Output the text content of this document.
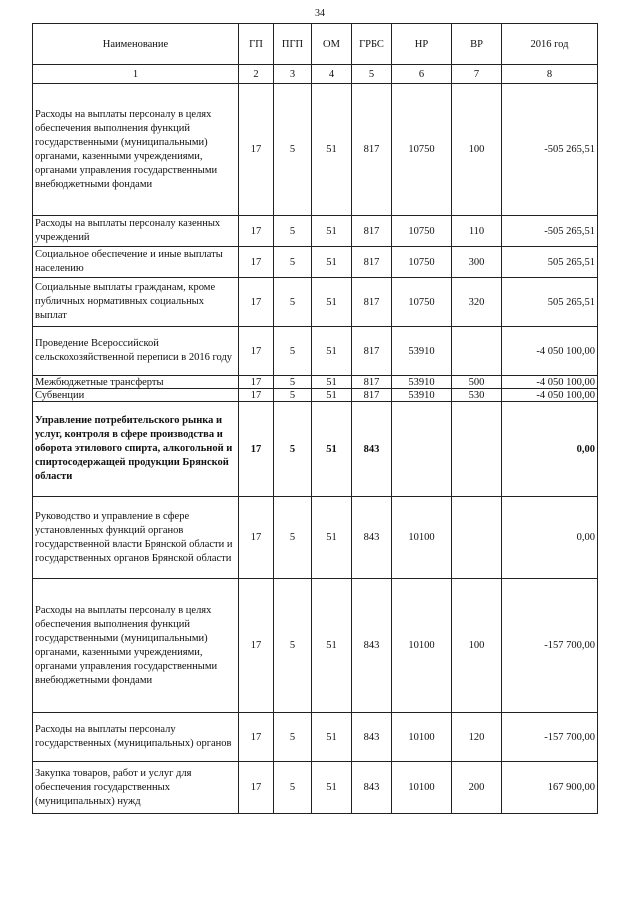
34
Наименование	ГП	ПГП	ОМ	ГРБС	НР	ВР	2016 год
1	2	3	4	5	6	7	8
Расходы на выплаты персоналу в целях обеспечения выполнения функций государственными (муниципальными) органами, казенными учреждениями, органами управления государственными внебюджетными фондами	17	5	51	817	10750	100	-505 265,51
Расходы на выплаты персоналу казенных учреждений	17	5	51	817	10750	110	-505 265,51
Социальное обеспечение и иные выплаты населению	17	5	51	817	10750	300	505 265,51
Социальные выплаты гражданам, кроме публичных нормативных социальных выплат	17	5	51	817	10750	320	505 265,51
Проведение Всероссийской сельскохозяйственной переписи в 2016 году	17	5	51	817	53910		-4 050 100,00
Межбюджетные трансферты	17	5	51	817	53910	500	-4 050 100,00
Субвенции	17	5	51	817	53910	530	-4 050 100,00
Управление потребительского рынка и услуг, контроля в сфере производства и оборота этилового спирта, алкогольной и спиртосодержащей продукции Брянской области	17	5	51	843			0,00
Руководство и управление в сфере установленных функций органов государственной власти Брянской области и государственных органов Брянской области	17	5	51	843	10100		0,00
Расходы на выплаты персоналу в целях обеспечения выполнения функций государственными (муниципальными) органами, казенными учреждениями, органами управления государственными внебюджетными фондами	17	5	51	843	10100	100	-157 700,00
Расходы на выплаты персоналу государственных (муниципальных) органов	17	5	51	843	10100	120	-157 700,00
Закупка товаров, работ и услуг для обеспечения государственных (муниципальных) нужд	17	5	51	843	10100	200	167 900,00
